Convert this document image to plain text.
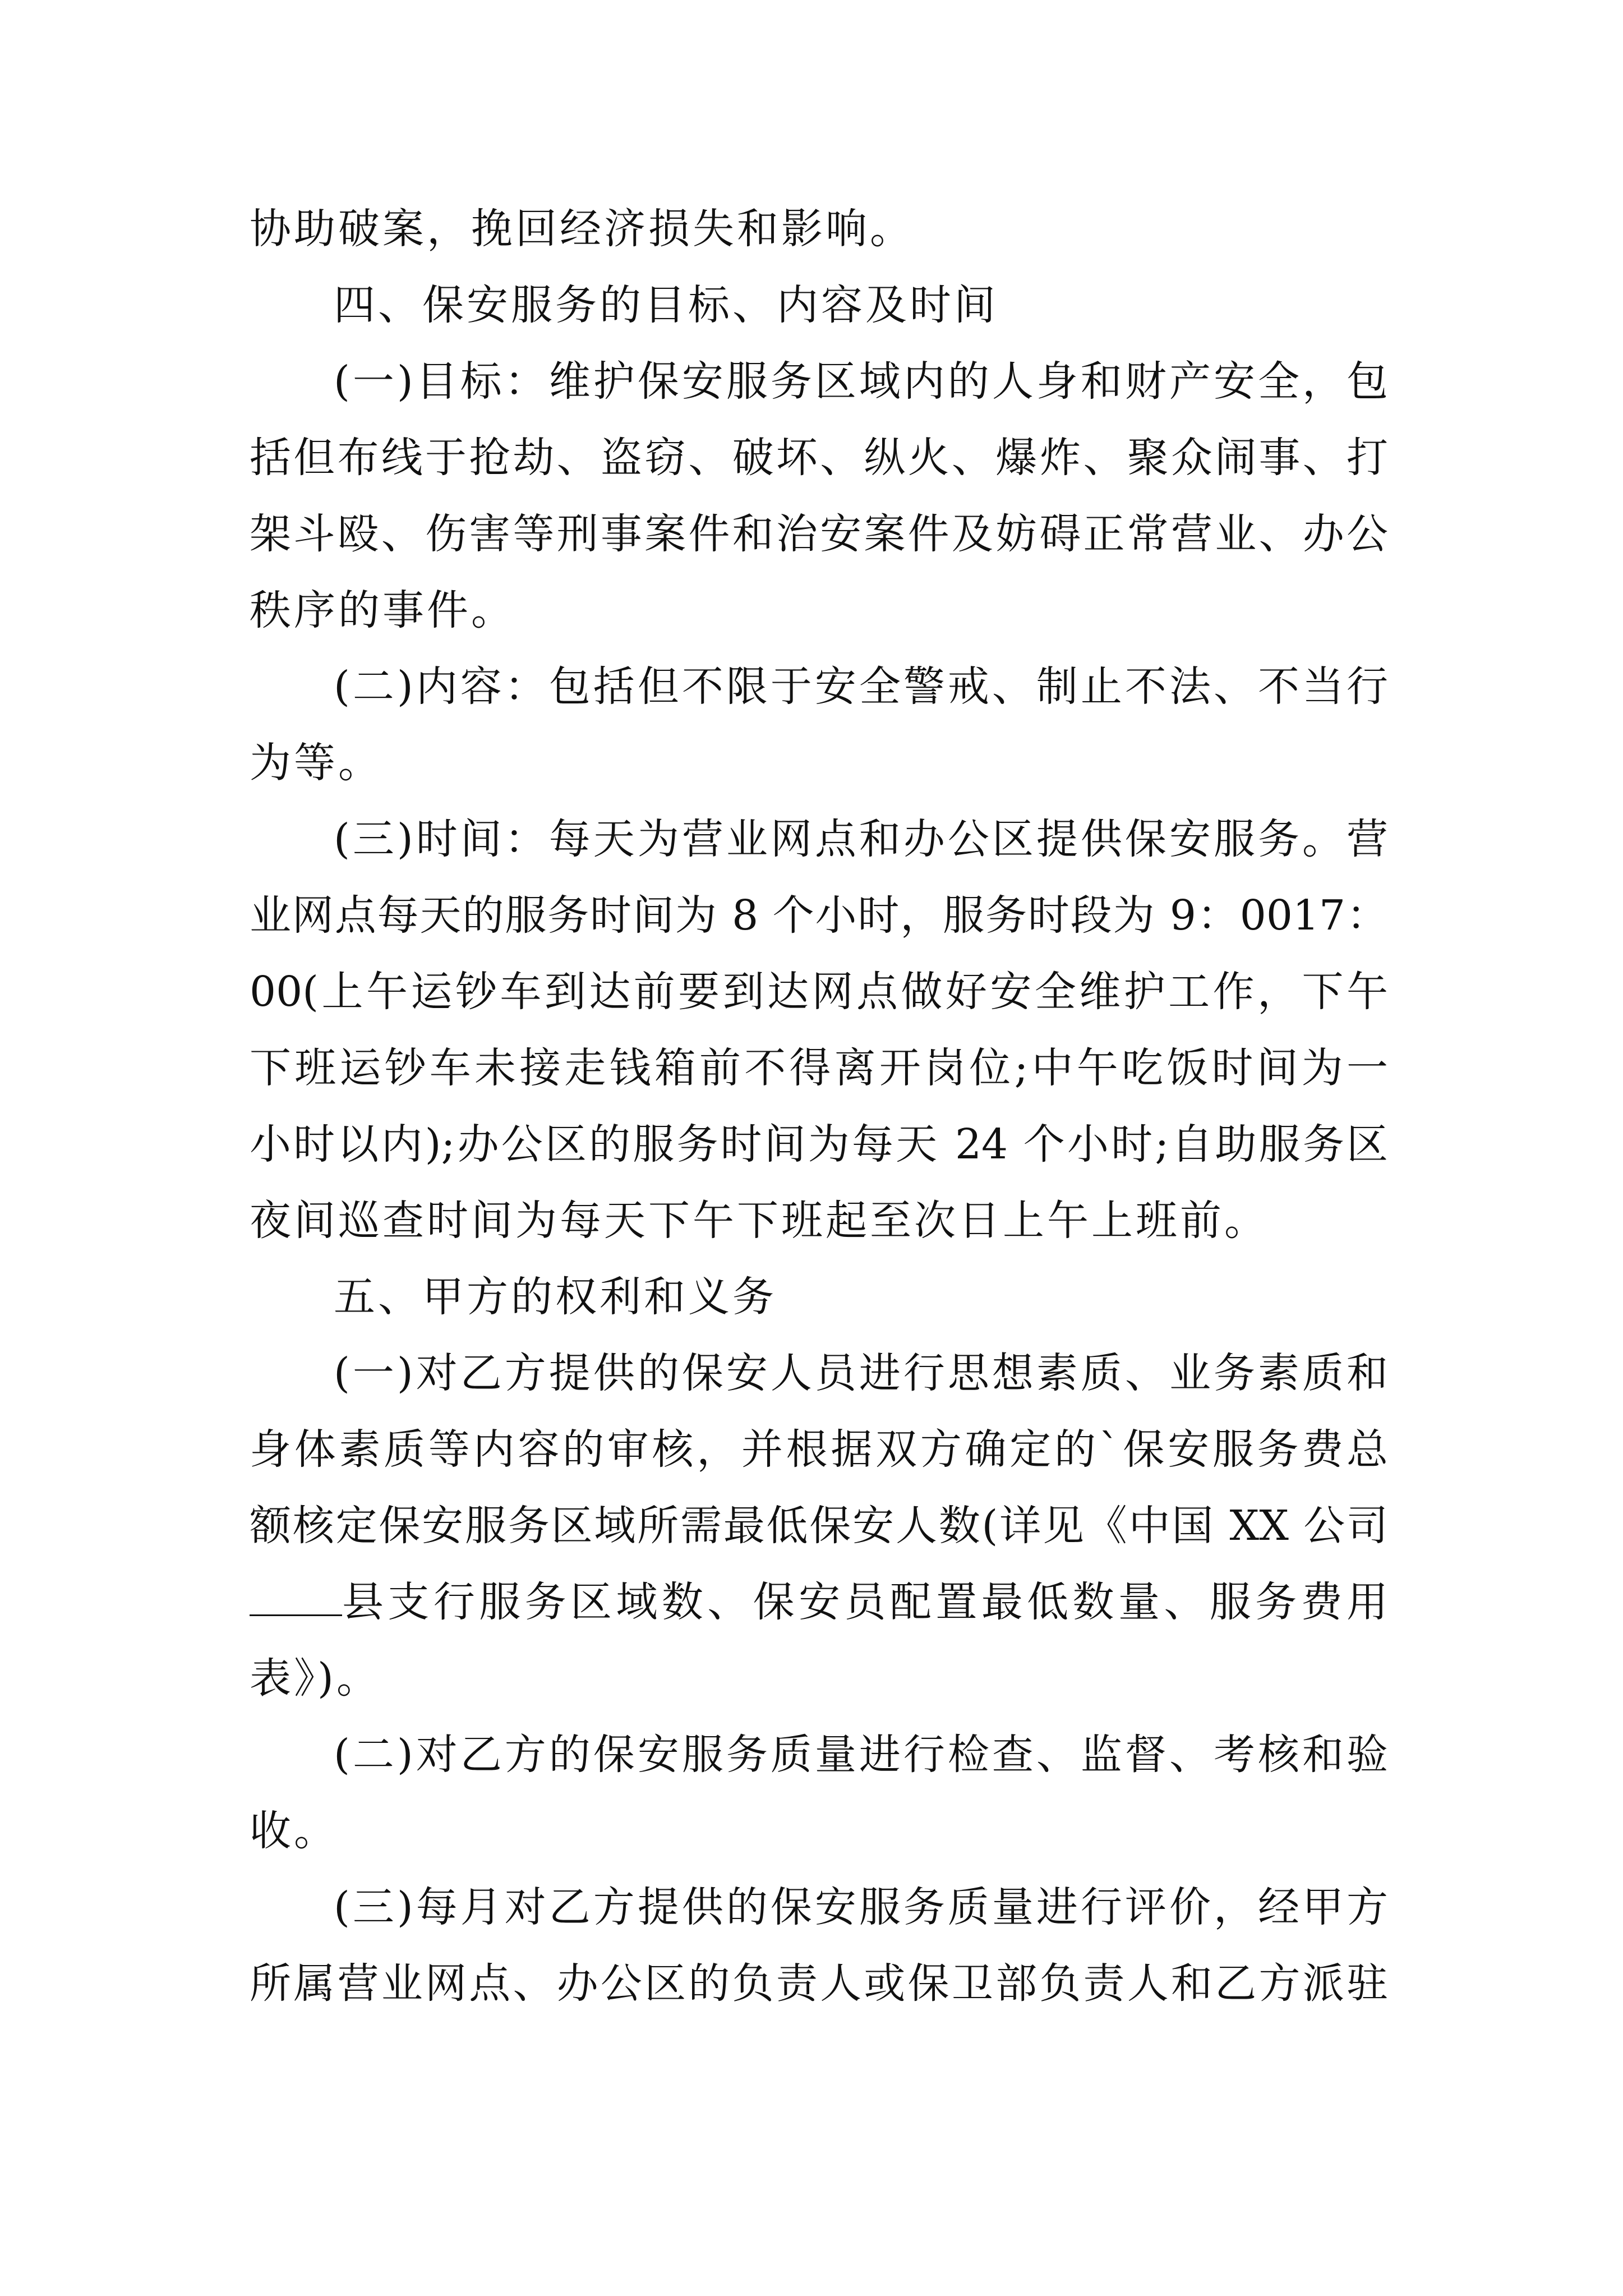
协助破案，挽回经济损失和影响。
四、保安服务的目标、内容及时间
(一)目标：维护保安服务区域内的人身和财产安全，包
括但布线于抢劫、盗窃、破坏、纵火、爆炸、聚众闹事、打
架斗殴、伤害等刑事案件和治安案件及妨碍正常营业、办公
秩序的事件。
(二)内容：包括但不限于安全警戒、制止不法、不当行
为等。
(三)时间：每天为营业网点和办公区提供保安服务。营
业网点每天的服务时间为 8 个小时，服务时段为 9：0017：
00(上午运钞车到达前要到达网点做好安全维护工作，下午
下班运钞车未接走钱箱前不得离开岗位;中午吃饭时间为一
小时以内);办公区的服务时间为每天 24 个小时;自助服务区
夜间巡查时间为每天下午下班起至次日上午上班前。
五、甲方的权利和义务
(一)对乙方提供的保安人员进行思想素质、业务素质和
身体素质等内容的审核，并根据双方确定的`保安服务费总
额核定保安服务区域所需最低保安人数(详见《中国 XX 公司
县支行服务区域数、保安员配置最低数量、服务费用
表》)。
(二)对乙方的保安服务质量进行检查、监督、考核和验
收。
(三)每月对乙方提供的保安服务质量进行评价，经甲方
所属营业网点、办公区的负责人或保卫部负责人和乙方派驻
